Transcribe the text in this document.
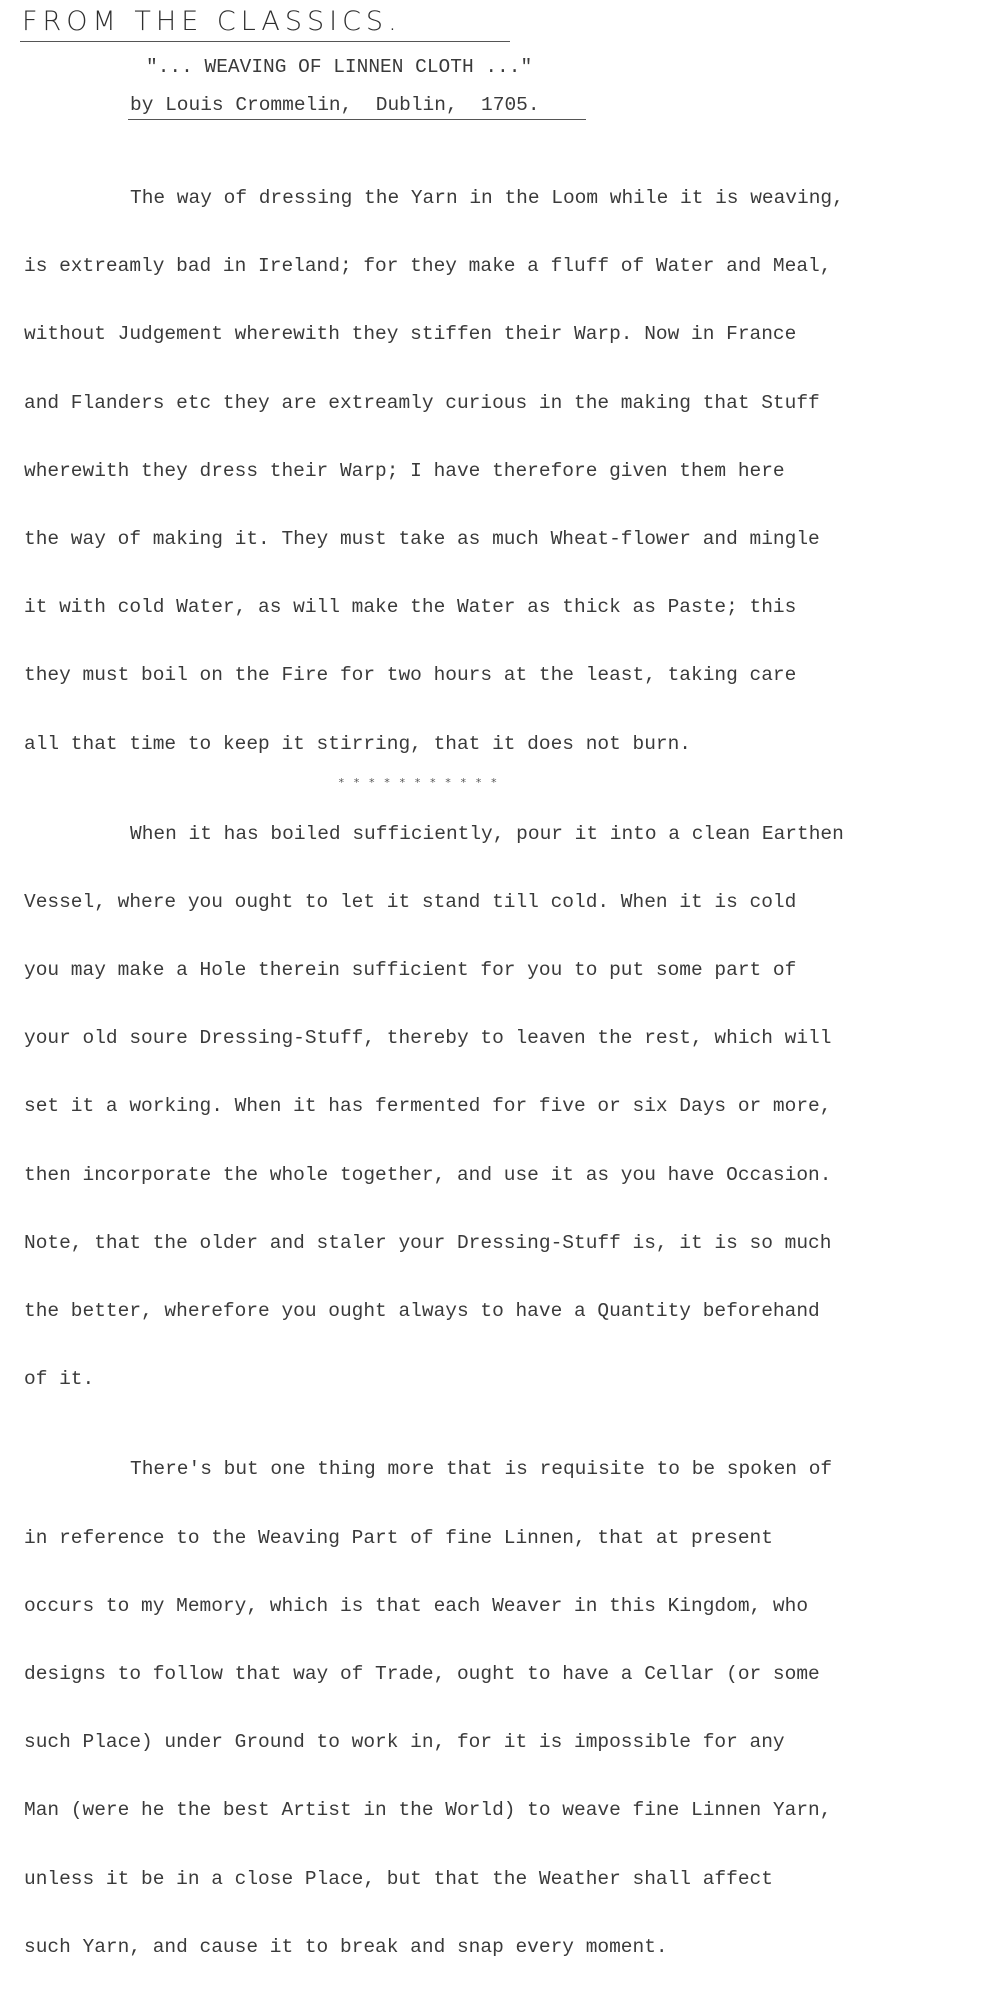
FROM THE CLASSICS.

"... WEAVING OF LINNEN CLOTH ..."

by Louis Crommelin,  Dublin,  1705.

The way of dressing the Yarn in the Loom while it is weaving,

is extreamly bad in Ireland; for they make a fluff of Water and Meal,

without Judgement wherewith they stiffen their Warp. Now in France

and Flanders etc they are extreamly curious in the making that Stuff

wherewith they dress their Warp; I have therefore given them here

the way of making it. They must take as much Wheat-flower and mingle

it with cold Water, as will make the Water as thick as Paste; this

they must boil on the Fire for two hours at the least, taking care

all that time to keep it stirring, that it does not burn.

When it has boiled sufficiently, pour it into a clean Earthen

Vessel, where you ought to let it stand till cold. When it is cold

you may make a Hole therein sufficient for you to put some part of

your old soure Dressing-Stuff, thereby to leaven the rest, which will

set it a working. When it has fermented for five or six Days or more,

then incorporate the whole together, and use it as you have Occasion.

Note, that the older and staler your Dressing-Stuff is, it is so much

the better, wherefore you ought always to have a Quantity beforehand

of it.

There's but one thing more that is requisite to be spoken of

in reference to the Weaving Part of fine Linnen, that at present

occurs to my Memory, which is that each Weaver in this Kingdom, who

designs to follow that way of Trade, ought to have a Cellar (or some

such Place) under Ground to work in, for it is impossible for any

Man (were he the best Artist in the World) to weave fine Linnen Yarn,

unless it be in a close Place, but that the Weather shall affect

such Yarn, and cause it to break and snap every moment.

* * * * * * * * * * *
